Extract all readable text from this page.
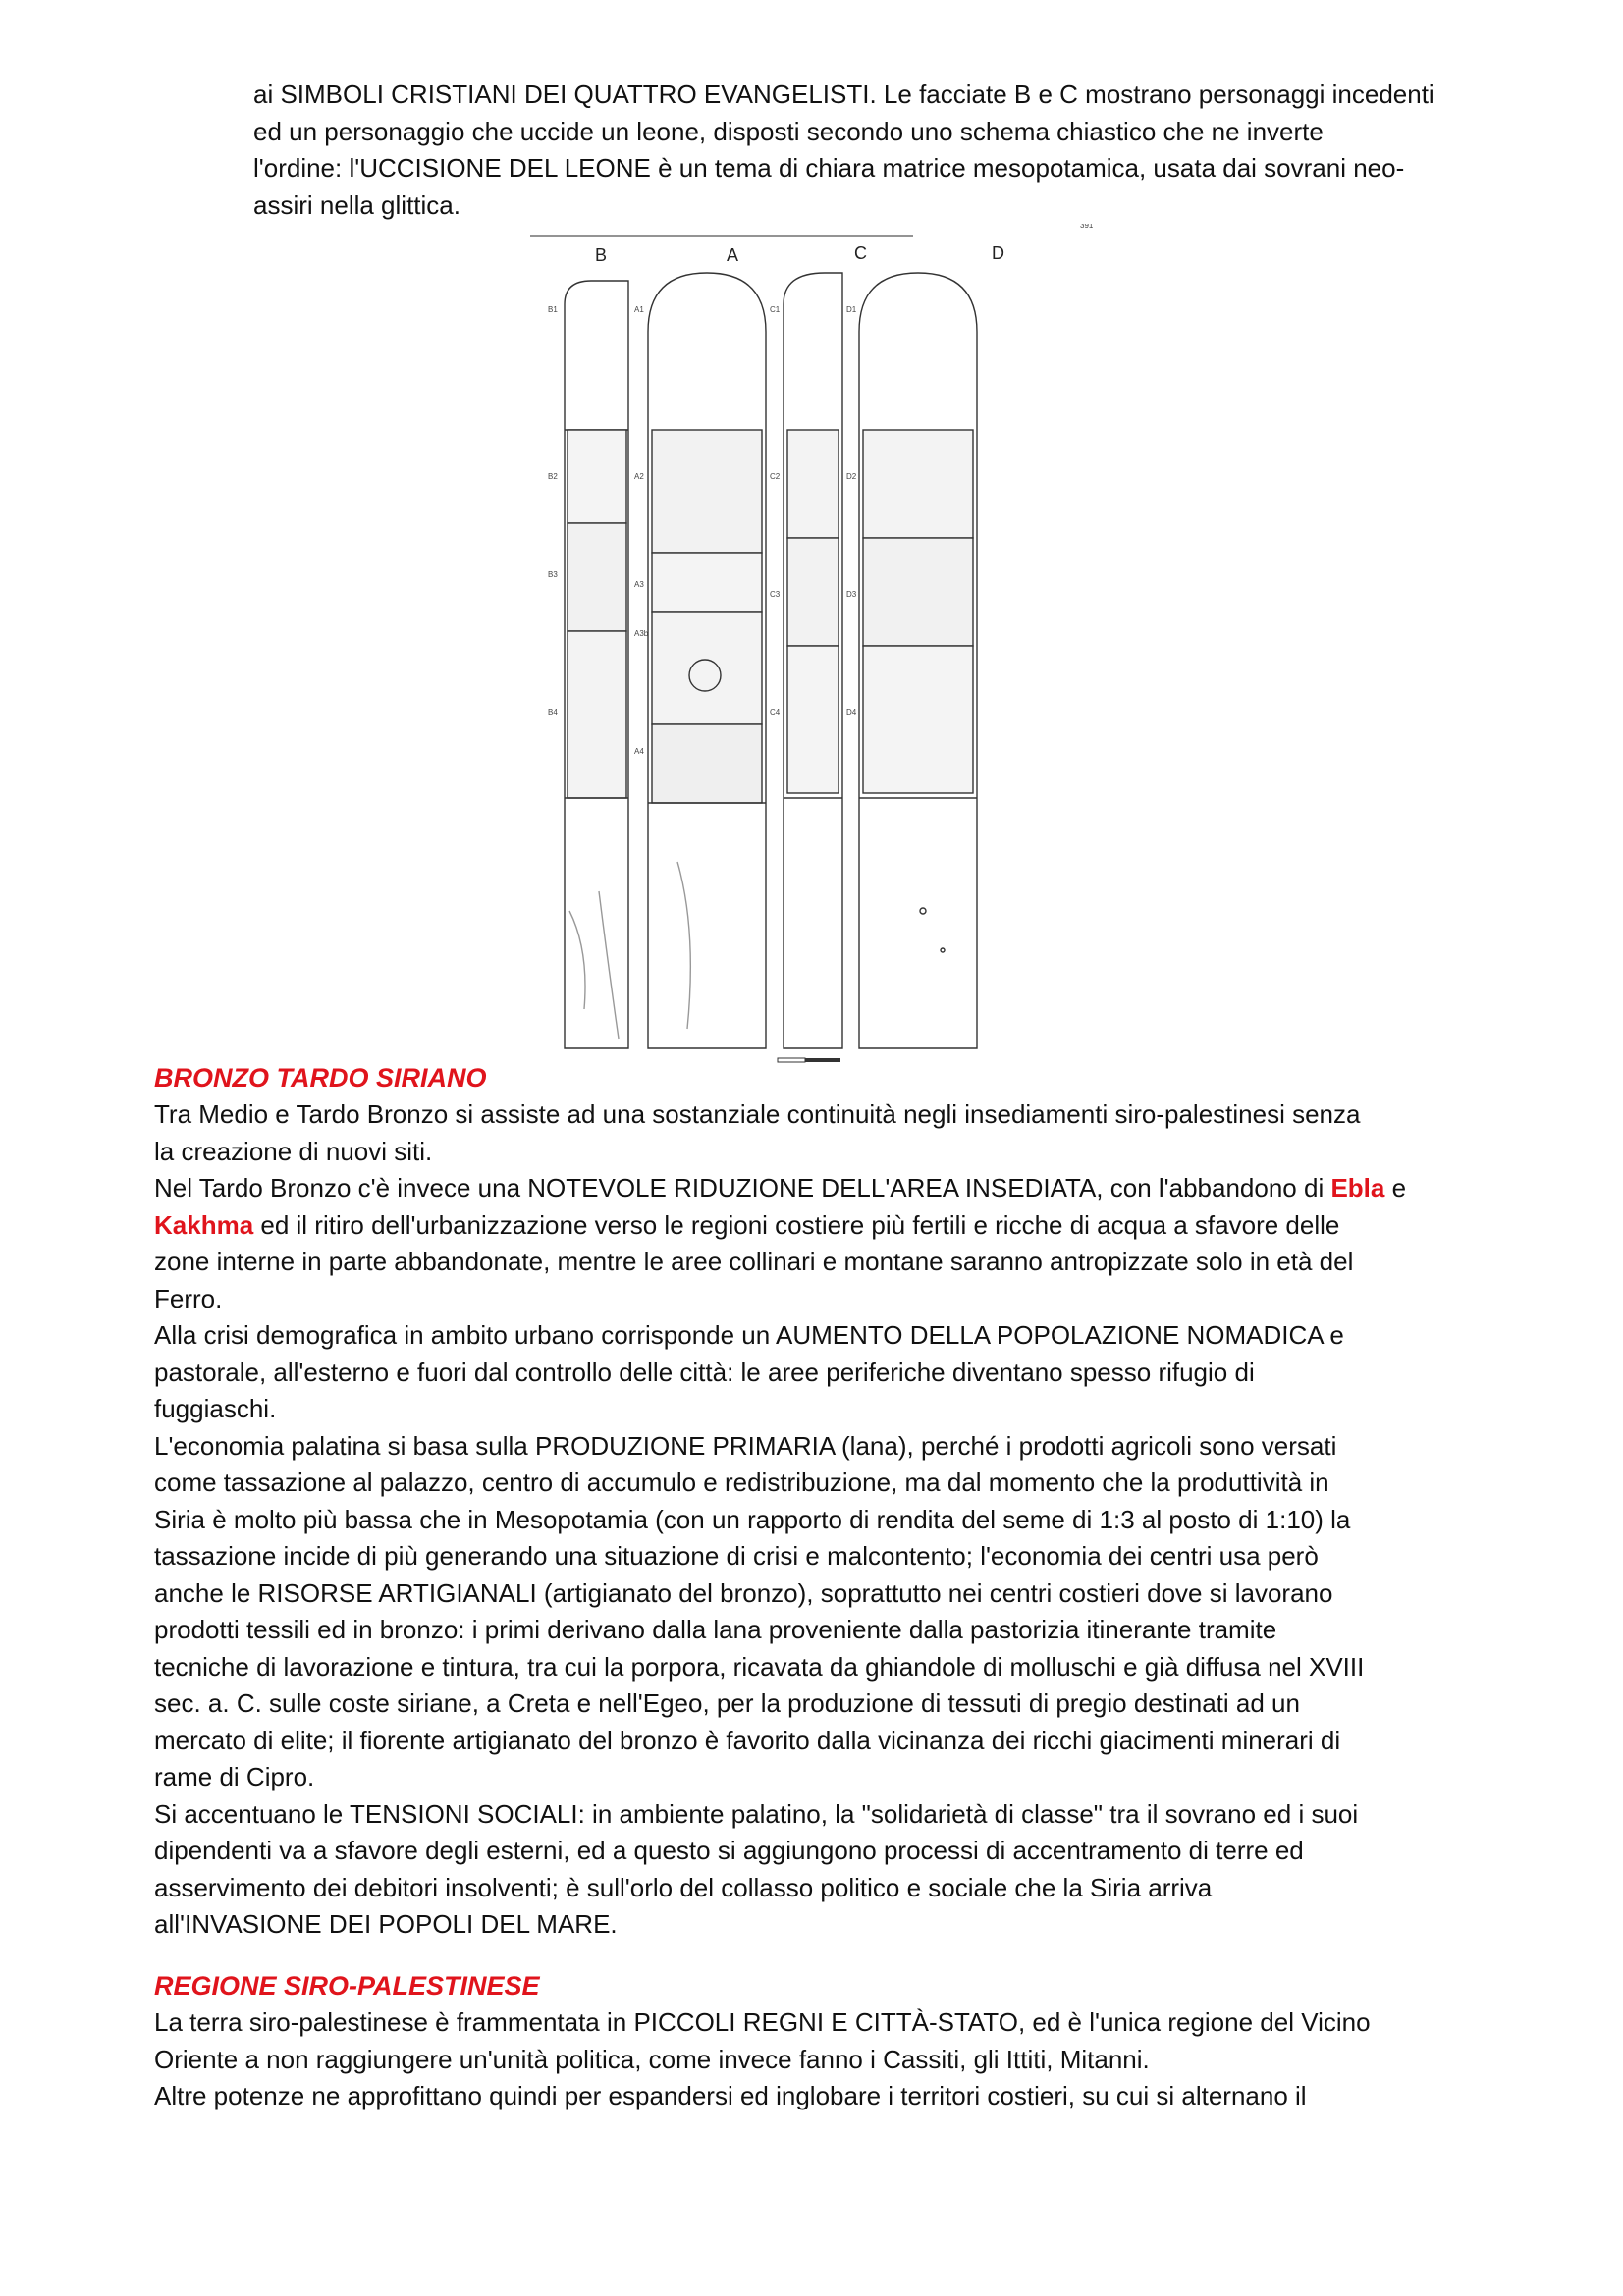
ai SIMBOLI CRISTIANI DEI QUATTRO EVANGELISTI. Le facciate B e C mostrano personaggi incedenti
ed un personaggio che uccide un leone, disposti secondo uno schema chiastico che ne inverte
l'ordine: l'UCCISIONE DEL LEONE è un tema di chiara matrice mesopotamica, usata dai sovrani neo-
assiri nella glittica.
391
B	A	C	D
B1
B2
B3
B4
A1
A2
A3
A3b
A4
C1
C2
C3
C4
D1
D2
D3
D4
BRONZO TARDO SIRIANO
Tra Medio e Tardo Bronzo si assiste ad una sostanziale continuità negli insediamenti siro-palestinesi senza
la creazione di nuovi siti.
Nel Tardo Bronzo c'è invece una NOTEVOLE RIDUZIONE DELL'AREA INSEDIATA, con l'abbandono di Ebla e
Kakhma ed il ritiro dell'urbanizzazione verso le regioni costiere più fertili e ricche di acqua a sfavore delle
zone interne in parte abbandonate, mentre le aree collinari e montane saranno antropizzate solo in età del
Ferro.
Alla crisi demografica in ambito urbano corrisponde un AUMENTO DELLA POPOLAZIONE NOMADICA e
pastorale, all'esterno e fuori dal controllo delle città: le aree periferiche diventano spesso rifugio di
fuggiaschi.
L'economia palatina si basa sulla PRODUZIONE PRIMARIA (lana), perché i prodotti agricoli sono versati
come tassazione al palazzo, centro di accumulo e redistribuzione, ma dal momento che la produttività in
Siria è molto più bassa che in Mesopotamia (con un rapporto di rendita del seme di 1:3 al posto di 1:10) la
tassazione incide di più generando una situazione di crisi e malcontento; l'economia dei centri usa però
anche le RISORSE ARTIGIANALI (artigianato del bronzo), soprattutto nei centri costieri dove si lavorano
prodotti tessili ed in bronzo: i primi derivano dalla lana proveniente dalla pastorizia itinerante tramite
tecniche di lavorazione e tintura, tra cui la porpora, ricavata da ghiandole di molluschi e già diffusa nel XVIII
sec. a. C. sulle coste siriane, a Creta e nell'Egeo, per la produzione di tessuti di pregio destinati ad un
mercato di elite; il fiorente artigianato del bronzo è favorito dalla vicinanza dei ricchi giacimenti minerari di
rame di Cipro.
Si accentuano le TENSIONI SOCIALI: in ambiente palatino, la "solidarietà di classe" tra il sovrano ed i suoi
dipendenti va a sfavore degli esterni, ed a questo si aggiungono processi di accentramento di terre ed
asservimento dei debitori insolventi; è sull'orlo del collasso politico e sociale che la Siria arriva
all'INVASIONE DEI POPOLI DEL MARE.
REGIONE SIRO-PALESTINESE
La terra siro-palestinese è frammentata in PICCOLI REGNI E CITTÀ-STATO, ed è l'unica regione del Vicino
Oriente a non raggiungere un'unità politica, come invece fanno i Cassiti, gli Ittiti, Mitanni.
Altre potenze ne approfittano quindi per espandersi ed inglobare i territori costieri, su cui si alternano il
